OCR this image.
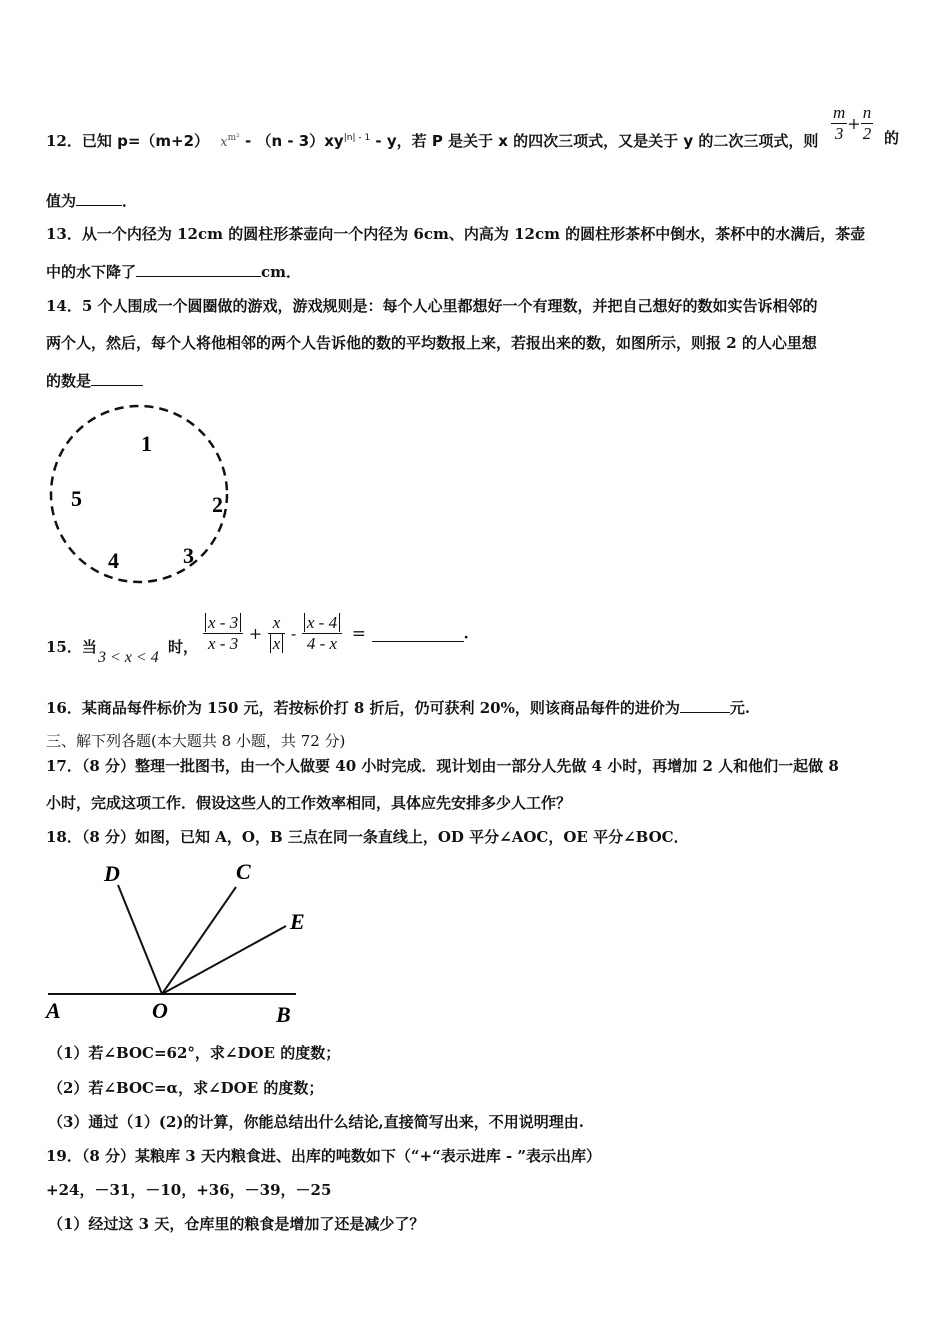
12．已知 p=（m+2） $x^{m^2} - (n - 3)xy^{|n| - 1}$ - y，若 P 是关于 x 的四次三项式，又是关于 y 的二次三项式，则 $\frac{m}{3} + \frac{n}{2}$ 的
值为	．
13．从一个内径为 12cm 的圆柱形茶壶向一个内径为 6cm、内高为 12cm 的圆柱形茶杯中倒水，茶杯中的水满后，茶壶
中的水下降了	cm．
14．5 个人围成一个圆圈做的游戏，游戏规则是：每个人心里都想好一个有理数，并把自己想好的数如实告诉相邻的
两个人，然后，每个人将他相邻的两个人告诉他的数的平均数报上来，若报出来的数，如图所示，则报 2 的人心里想
的数是
1
2
3
4
5
15．当
3 < x < 4
时， $\frac{x - 3}{x - 3} + \frac{x}{x} - \frac{x - 4}{4 - x}$ =	.
16．某商品每件标价为 150 元，若按标价打 8 折后，仍可获利 20%，则该商品每件的进价为	元.
三、解下列各题(本大题共 8 小题，共 72 分)
17．（8 分）整理一批图书，由一个人做要 40 小时完成．现计划由一部分人先做 4 小时，再增加 2 人和他们一起做 8
小时，完成这项工作．假设这些人的工作效率相同，具体应先安排多少人工作？
18．（8 分）如图，已知 A，O，B 三点在同一条直线上，OD 平分∠AOC，OE 平分∠BOC．
A	O	B
C
D
E
（1）若∠BOC=62°，求∠DOE 的度数；
（2）若∠BOC=α，求∠DOE 的度数；
（3）通过（1）(2)的计算，你能总结出什么结论,直接简写出来，不用说明理由.
19．（8 分）某粮库 3 天内粮食进、出库的吨数如下（“+“表示进库 - ”表示出库）
+24，－31，－10，+36，－39，－25
（1）经过这 3 天，仓库里的粮食是增加了还是减少了？
